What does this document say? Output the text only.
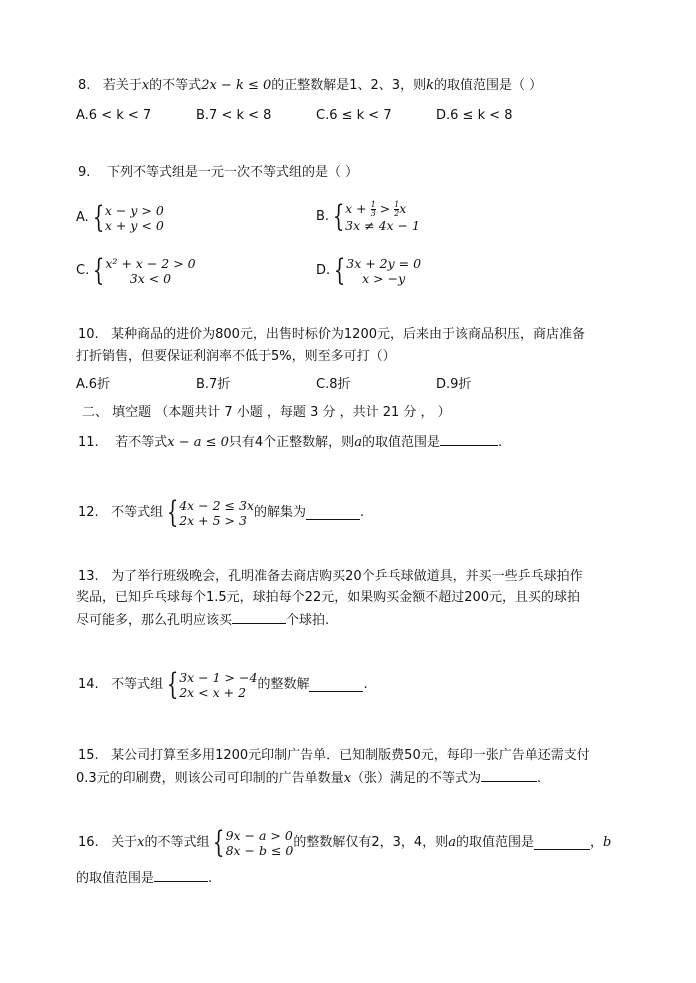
8. 若关于x的不等式2x − k ≤ 0的正整数解是1、2、3，则k的取值范围是（ ）
A.6 < k < 7	B.7 < k < 8	C.6 ≤ k < 7	D.6 ≤ k < 8
9. 下列不等式组是一元一次不等式组的是（ ）
A. { x − y > 0
x + y < 0
B. { $x + \frac{1}{3} > \frac{1}{2}$ x
3x ≠ 4x − 1
C. { x² + x − 2 > 0
3x < 0
D. { 3x + 2y = 0
x > −y
10. 某种商品的进价为800元，出售时标价为1200元，后来由于该商品积压，商店准备
打折销售，但要保证利润率不低于5%，则至多可打（）
A.6折	B.7折	C.8折	D.9折
二、 填空题 （本题共计 7 小题 ，每题 3 分 ，共计 21 分 ， ）
11. 若不等式x − a ≤ 0只有4个正整数解，则a的取值范围是	.
12.
不等式组 { 4x − 2 ≤ 3x
2x + 5 > 3
的解集为	.
13. 为了举行班级晚会，孔明准备去商店购买20个乒乓球做道具，并买一些乒乓球拍作
奖品，已知乒乓球每个1.5元，球拍每个22元，如果购买金额不超过200元，且买的球拍
尽可能多，那么孔明应该买	个球拍.
14.
不等式组 { 3x − 1 > −4
2x < x + 2
的整数解	.
15. 某公司打算至多用1200元印制广告单．已知制版费50元，每印一张广告单还需支付
0.3元的印刷费，则该公司可印制的广告单数量x（张）满足的不等式为	.
16.
关于 x 的不等式组 { 9x − a > 0
8x − b ≤ 0
的整数解仅有2，3，4，则 a 的取值范围是	， b
的取值范围是	.
